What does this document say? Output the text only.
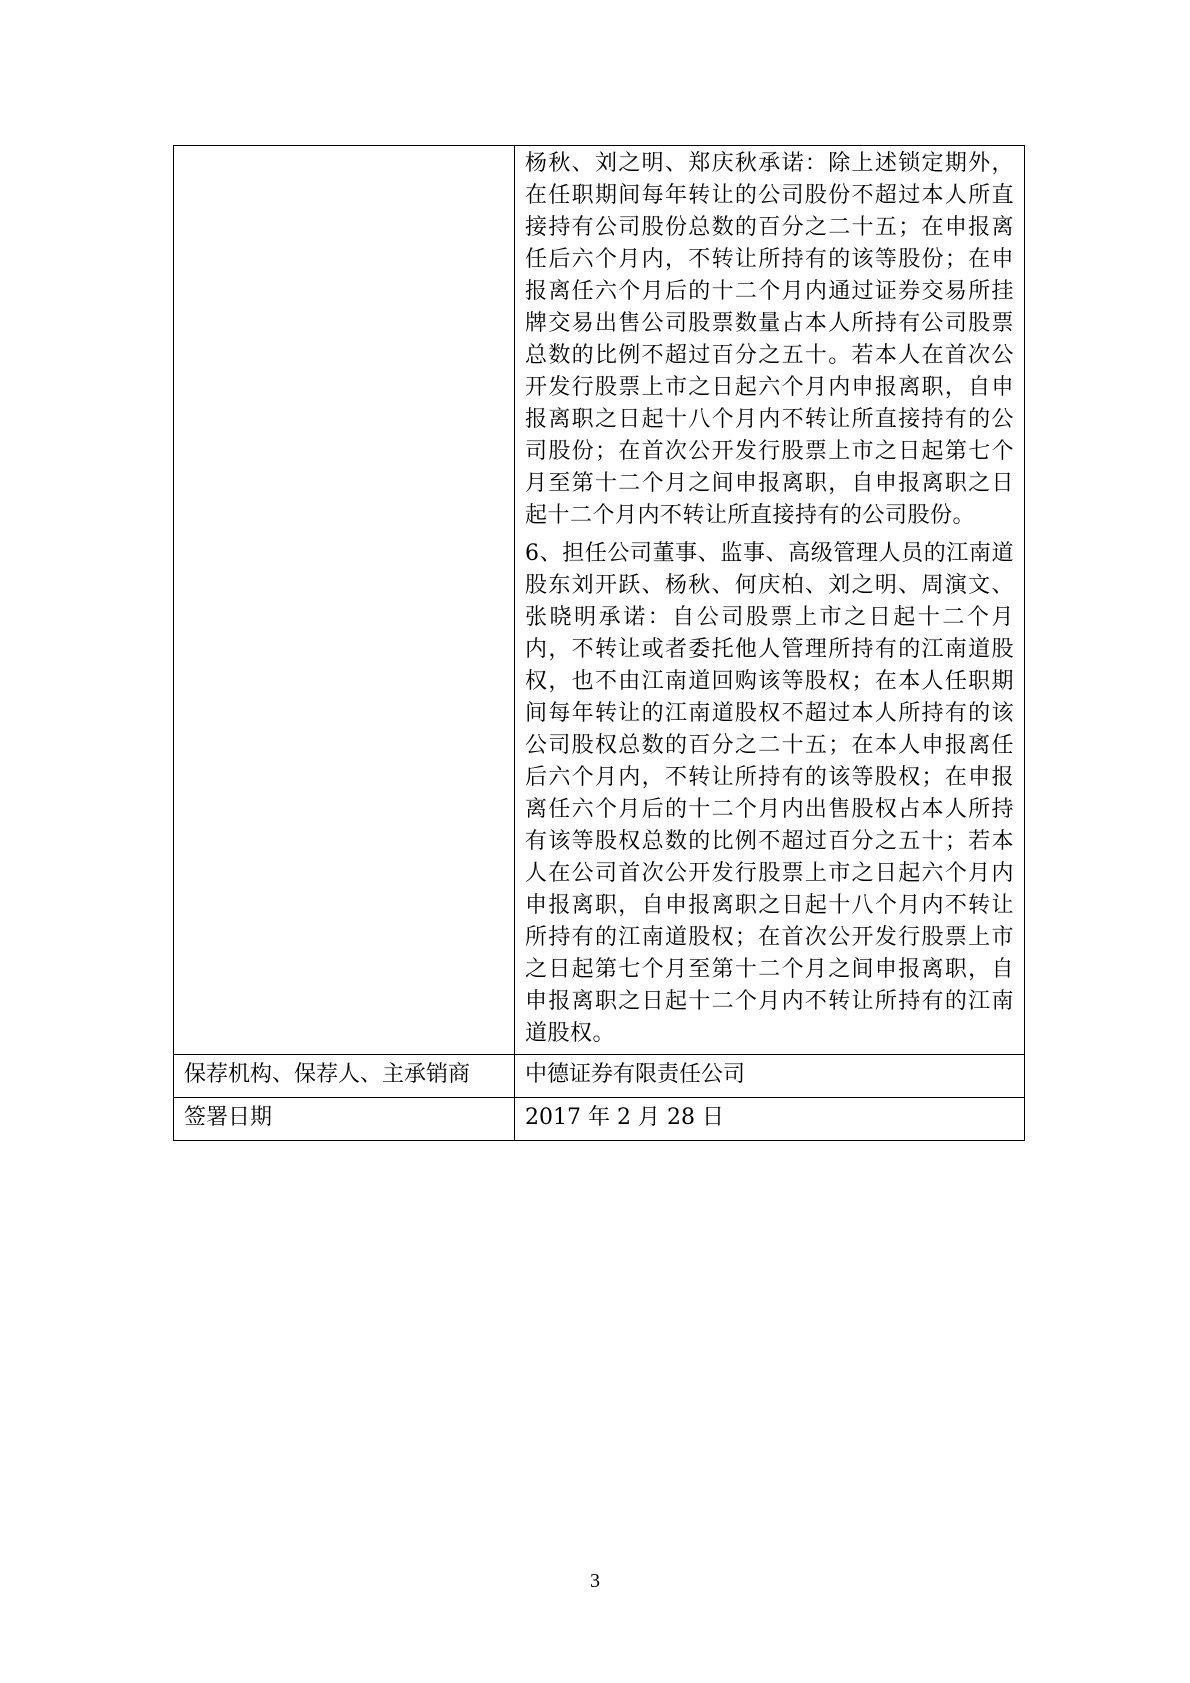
	杨秋、刘之明、郑庆秋承诺：除上述锁定期外，在任职期间每年转让的公司股份不超过本人所直接持有公司股份总数的百分之二十五；在申报离任后六个月内，不转让所持有的该等股份；在申报离任六个月后的十二个月内通过证券交易所挂牌交易出售公司股票数量占本人所持有公司股票总数的比例不超过百分之五十。若本人在首次公开发行股票上市之日起六个月内申报离职，自申报离职之日起十八个月内不转让所直接持有的公司股份；在首次公开发行股票上市之日起第七个月至第十二个月之间申报离职，自申报离职之日起十二个月内不转让所直接持有的公司股份。

6、担任公司董事、监事、高级管理人员的江南道股东刘开跃、杨秋、何庆柏、刘之明、周演文、张晓明承诺：自公司股票上市之日起十二个月内，不转让或者委托他人管理所持有的江南道股权，也不由江南道回购该等股权；在本人任职期间每年转让的江南道股权不超过本人所持有的该公司股权总数的百分之二十五；在本人申报离任后六个月内，不转让所持有的该等股权；在申报离任六个月后的十二个月内出售股权占本人所持有该等股权总数的比例不超过百分之五十；若本人在公司首次公开发行股票上市之日起六个月内申报离职，自申报离职之日起十八个月内不转让所持有的江南道股权；在首次公开发行股票上市之日起第七个月至第十二个月之间申报离职，自申报离职之日起十二个月内不转让所持有的江南道股权。

保荐机构、保荐人、主承销商	中德证券有限责任公司
签署日期	2017 年 2 月 28 日
3
